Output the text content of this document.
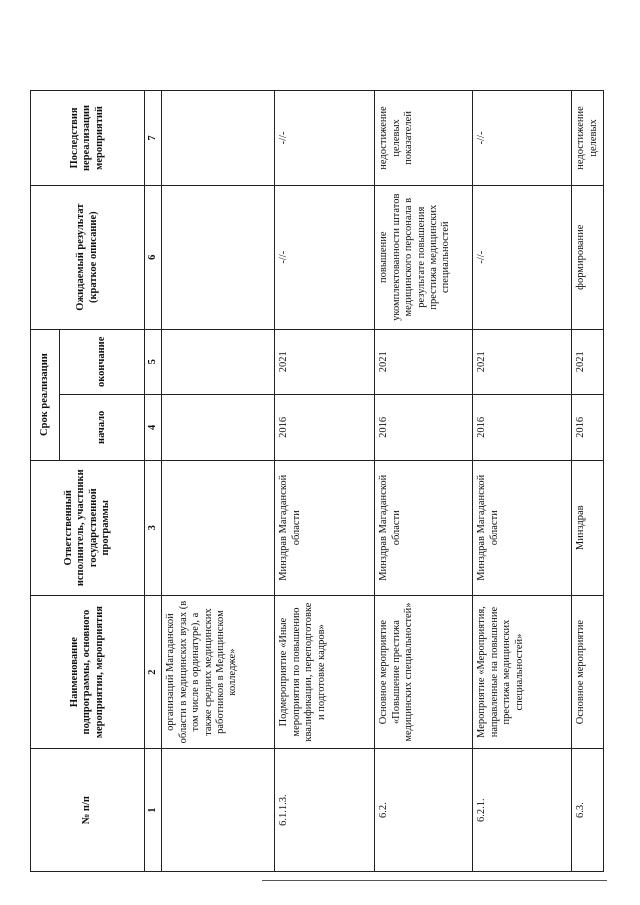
№ п/п	Наименование подпрограммы, основного мероприятия, мероприятия	Ответственный исполнитель, участники государственной программы	Срок реализации		Ожидаемый результат (краткое описание)	Последствия нереализации мероприятий
			начало	окончание		
1	2	3	4	5	6	7
	организаций Магаданской области в медицинских вузах (в том числе в ординатуре), а также средних медицинских работников в Медицинском колледже»					
6.1.1.3.	Подмероприятие «Иные мероприятия по повышению квалификации, переподготовке и подготовке кадров»	Минздрав Магаданской области	2016	2021	-//-	-//-
6.2.	Основное мероприятие «Повышение престижа медицинских специальностей»	Минздрав Магаданской области	2016	2021	повышение укомплектованности штатов медицинского персонала в результате повышения престижа медицинских специальностей	недостижение целевых показателей
6.2.1.	Мероприятие «Мероприятия, направленные на повышение престижа медицинских специальностей»	Минздрав Магаданской области	2016	2021	-//-	-//-
6.3.	Основное мероприятие	Минздрав	2016	2021	формирование	недостижение целевых
